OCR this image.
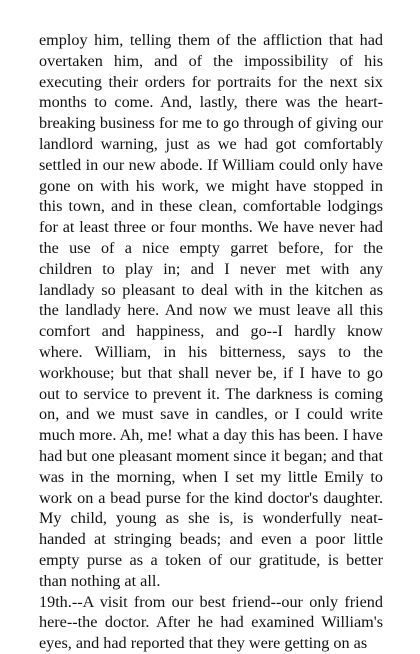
employ him, telling them of the affliction that had overtaken him, and of the impossibility of his executing their orders for portraits for the next six months to come. And, lastly, there was the heart-breaking business for me to go through of giving our landlord warning, just as we had got comfortably settled in our new abode. If William could only have gone on with his work, we might have stopped in this town, and in these clean, comfortable lodgings for at least three or four months. We have never had the use of a nice empty garret before, for the children to play in; and I never met with any landlady so pleasant to deal with in the kitchen as the landlady here. And now we must leave all this comfort and happiness, and go--I hardly know where. William, in his bitterness, says to the workhouse; but that shall never be, if I have to go out to service to prevent it. The darkness is coming on, and we must save in candles, or I could write much more. Ah, me! what a day this has been. I have had but one pleasant moment since it began; and that was in the morning, when I set my little Emily to work on a bead purse for the kind doctor's daughter. My child, young as she is, is wonderfully neat-handed at stringing beads; and even a poor little empty purse as a token of our gratitude, is better than nothing at all.

19th.--A visit from our best friend--our only friend here--the doctor. After he had examined William's eyes, and had reported that they were getting on as
